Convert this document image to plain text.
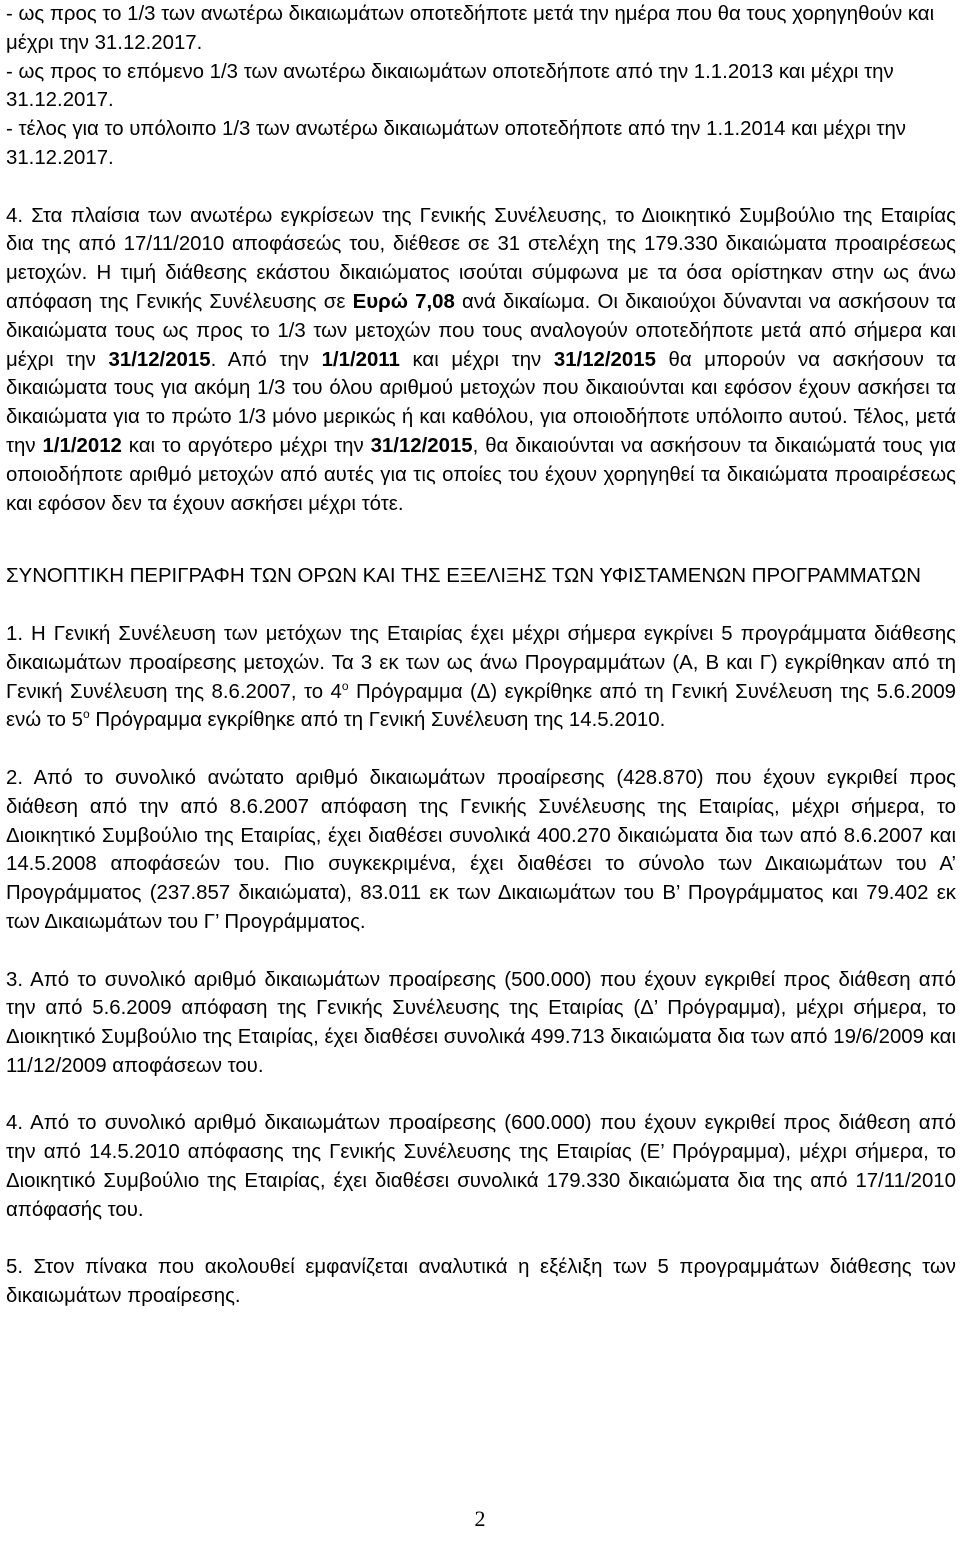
- ως προς το 1/3 των ανωτέρω δικαιωμάτων οποτεδήποτε μετά την ημέρα που θα τους χορηγηθούν και μέχρι την 31.12.2017.

- ως προς το επόμενο 1/3 των ανωτέρω δικαιωμάτων οποτεδήποτε από την 1.1.2013 και μέχρι την 31.12.2017.

- τέλος για το υπόλοιπο 1/3 των ανωτέρω δικαιωμάτων οποτεδήποτε από την 1.1.2014 και μέχρι την 31.12.2017.

4. Στα πλαίσια των ανωτέρω εγκρίσεων της Γενικής Συνέλευσης, το Διοικητικό Συμβούλιο της Εταιρίας δια της από 17/11/2010 αποφάσεώς του, διέθεσε σε 31 στελέχη της 179.330 δικαιώματα προαιρέσεως μετοχών. Η τιμή διάθεσης εκάστου δικαιώματος ισούται σύμφωνα με τα όσα ορίστηκαν στην ως άνω απόφαση της Γενικής Συνέλευσης σε Ευρώ 7,08 ανά δικαίωμα. Οι δικαιούχοι δύνανται να ασκήσουν τα δικαιώματα τους ως προς το 1/3 των μετοχών που τους αναλογούν οποτεδήποτε μετά από σήμερα και μέχρι την 31/12/2015. Από την 1/1/2011 και μέχρι την 31/12/2015 θα μπορούν να ασκήσουν τα δικαιώματα τους για ακόμη 1/3 του όλου αριθμού μετοχών που δικαιούνται και εφόσον έχουν ασκήσει τα δικαιώματα για το πρώτο 1/3 μόνο μερικώς ή και καθόλου, για οποιοδήποτε υπόλοιπο αυτού. Τέλος, μετά την 1/1/2012 και το αργότερο μέχρι την 31/12/2015, θα δικαιούνται να ασκήσουν τα δικαιώματά τους για οποιοδήποτε αριθμό μετοχών από αυτές για τις οποίες του έχουν χορηγηθεί τα δικαιώματα προαιρέσεως και εφόσον δεν τα έχουν ασκήσει μέχρι τότε.

ΣΥΝΟΠΤΙΚΗ ΠΕΡΙΓΡΑΦΗ ΤΩΝ ΟΡΩΝ ΚΑΙ ΤΗΣ ΕΞΕΛΙΞΗΣ ΤΩΝ ΥΦΙΣΤΑΜΕΝΩΝ ΠΡΟΓΡΑΜΜΑΤΩΝ

1. Η Γενική Συνέλευση των μετόχων της Εταιρίας έχει μέχρι σήμερα εγκρίνει 5 προγράμματα διάθεσης δικαιωμάτων προαίρεσης μετοχών. Τα 3 εκ των ως άνω Προγραμμάτων (Α, Β και Γ) εγκρίθηκαν από τη Γενική Συνέλευση της 8.6.2007, το $4^o$ Πρόγραμμα (Δ) εγκρίθηκε από τη Γενική Συνέλευση της 5.6.2009 ενώ το $5^o$ Πρόγραμμα εγκρίθηκε από τη Γενική Συνέλευση της 14.5.2010.

2. Από το συνολικό ανώτατο αριθμό δικαιωμάτων προαίρεσης (428.870) που έχουν εγκριθεί προς διάθεση από την από 8.6.2007 απόφαση της Γενικής Συνέλευσης της Εταιρίας, μέχρι σήμερα, το Διοικητικό Συμβούλιο της Εταιρίας, έχει διαθέσει συνολικά 400.270 δικαιώματα δια των από 8.6.2007 και 14.5.2008 αποφάσεών του. Πιο συγκεκριμένα, έχει διαθέσει το σύνολο των Δικαιωμάτων του Α’ Προγράμματος (237.857 δικαιώματα), 83.011 εκ των Δικαιωμάτων του Β’ Προγράμματος και 79.402 εκ των Δικαιωμάτων του Γ’ Προγράμματος.

3. Από το συνολικό αριθμό δικαιωμάτων προαίρεσης (500.000) που έχουν εγκριθεί προς διάθεση από την από 5.6.2009 απόφαση της Γενικής Συνέλευσης της Εταιρίας (Δ’ Πρόγραμμα), μέχρι σήμερα, το Διοικητικό Συμβούλιο της Εταιρίας, έχει διαθέσει συνολικά 499.713 δικαιώματα δια των από 19/6/2009 και 11/12/2009 αποφάσεων του.

4. Από το συνολικό αριθμό δικαιωμάτων προαίρεσης (600.000) που έχουν εγκριθεί προς διάθεση από την από 14.5.2010 απόφασης της Γενικής Συνέλευσης της Εταιρίας (Ε’ Πρόγραμμα), μέχρι σήμερα, το Διοικητικό Συμβούλιο της Εταιρίας, έχει διαθέσει συνολικά 179.330 δικαιώματα δια της από 17/11/2010 απόφασής του.

5. Στον πίνακα που ακολουθεί εμφανίζεται αναλυτικά η εξέλιξη των 5 προγραμμάτων διάθεσης των δικαιωμάτων προαίρεσης.

2
